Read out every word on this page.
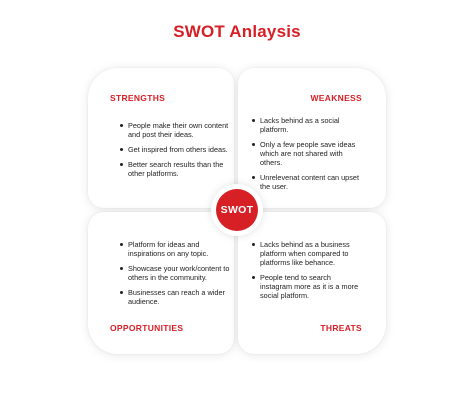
SWOT Anlaysis
STRENGTHS	WEAKNESS
OPPORTUNITIES	THREATS
People make their own content and post their ideas.
Get inspired from others ideas.
Better search results than the other platforms.
Lacks behind as a social platform.
Only a few people save ideas which are not shared with others.
Unrelevenat content can upset the user.
Platform for ideas and inspirations on any topic.
Showcase your work/content to others in the community.
Businesses can reach a wider audience.
Lacks behind as a business platform when compared to platforms like behance.
People tend to search instagram more as it is a more social platform.
SWOT
